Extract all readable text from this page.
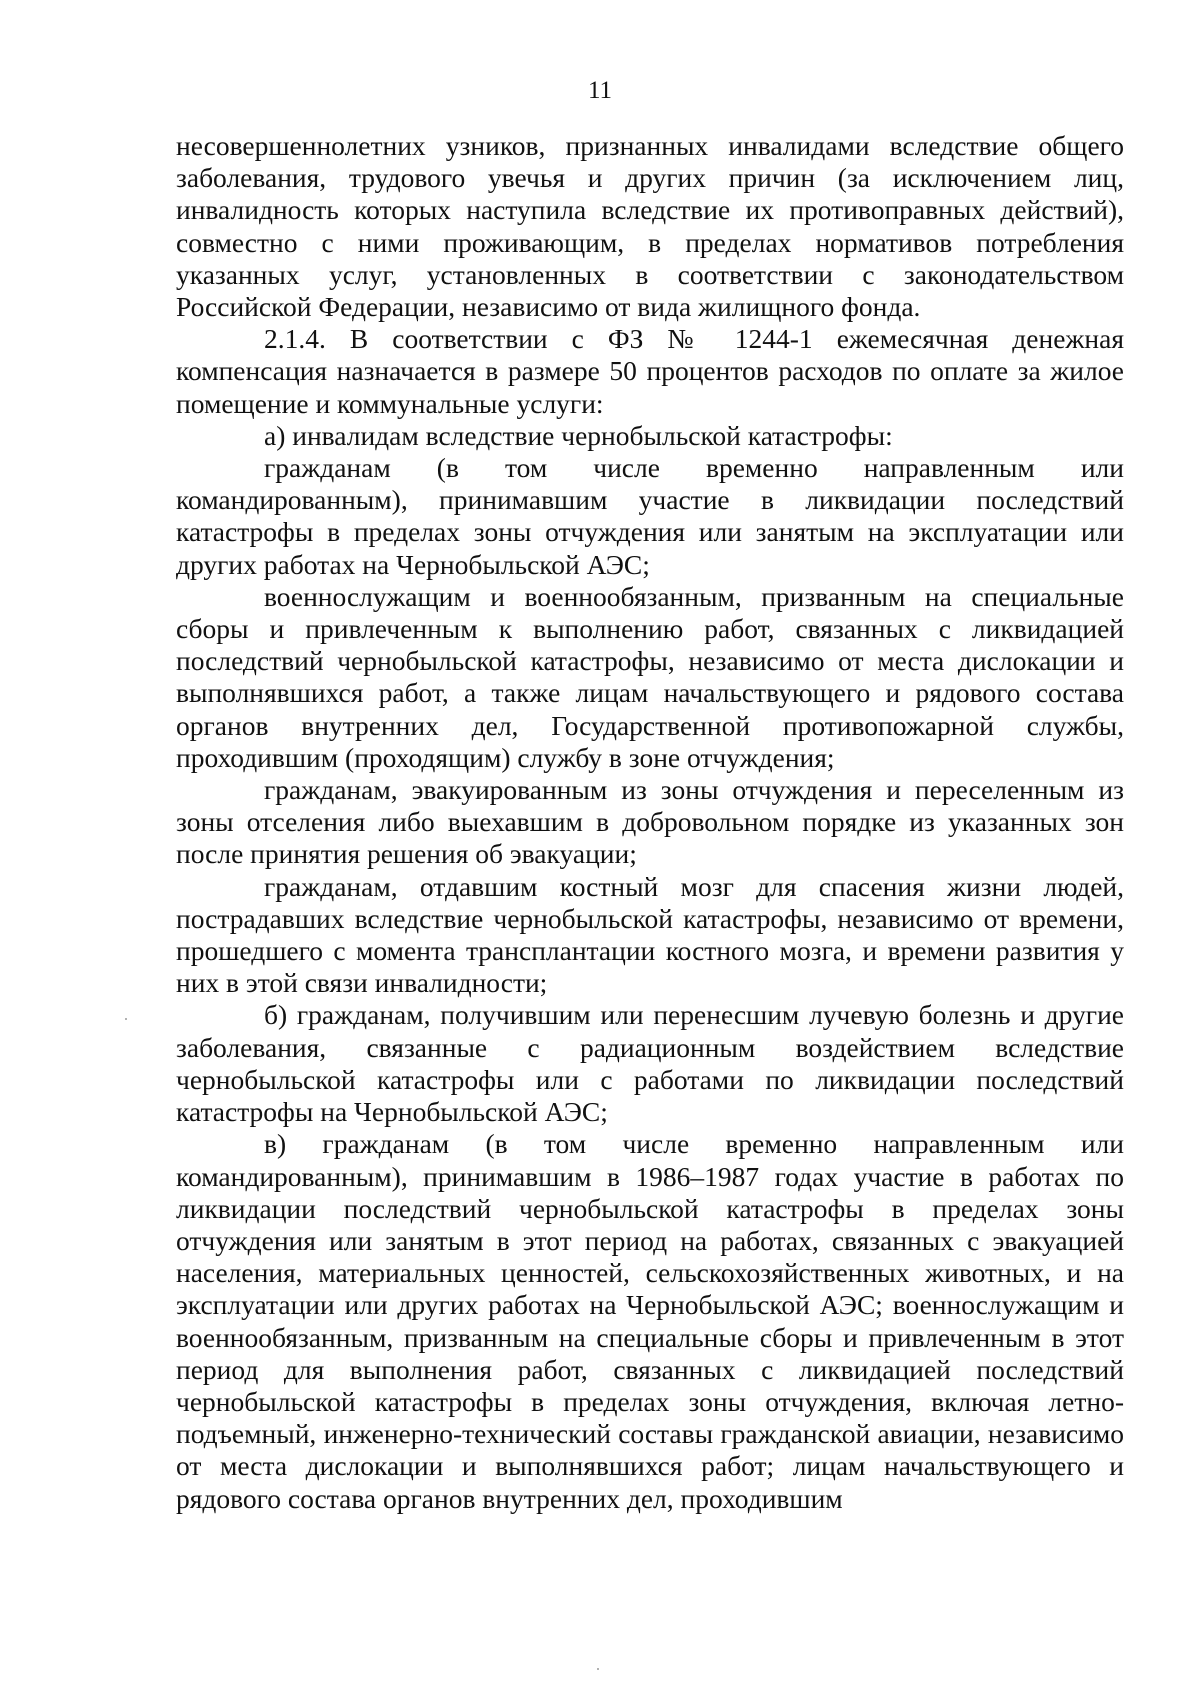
11

несовершеннолетних узников, признанных инвалидами вследствие общего заболевания, трудового увечья и других причин (за исключением лиц, инвалидность которых наступила вследствие их противоправных действий), совместно с ними проживающим, в пределах нормативов потребления указанных услуг, установленных в соответствии с законодательством Российской Федерации, независимо от вида жилищного фонда.

2.1.4. В соответствии с ФЗ № 1244-1 ежемесячная денежная компенсация назначается в размере 50 процентов расходов по оплате за жилое помещение и коммунальные услуги:

а) инвалидам вследствие чернобыльской катастрофы:

гражданам (в том числе временно направленным или командированным), принимавшим участие в ликвидации последствий катастрофы в пределах зоны отчуждения или занятым на эксплуатации или других работах на Чернобыльской АЭС;

военнослужащим и военнообязанным, призванным на специальные сборы и привлеченным к выполнению работ, связанных с ликвидацией последствий чернобыльской катастрофы, независимо от места дислокации и выполнявшихся работ, а также лицам начальствующего и рядового состава органов внутренних дел, Государственной противопожарной службы, проходившим (проходящим) службу в зоне отчуждения;

гражданам, эвакуированным из зоны отчуждения и переселенным из зоны отселения либо выехавшим в добровольном порядке из указанных зон после принятия решения об эвакуации;

гражданам, отдавшим костный мозг для спасения жизни людей, пострадавших вследствие чернобыльской катастрофы, независимо от времени, прошедшего с момента трансплантации костного мозга, и времени развития у них в этой связи инвалидности;

б) гражданам, получившим или перенесшим лучевую болезнь и другие заболевания, связанные с радиационным воздействием вследствие чернобыльской катастрофы или с работами по ликвидации последствий катастрофы на Чернобыльской АЭС;

в) гражданам (в том числе временно направленным или командированным), принимавшим в 1986–1987 годах участие в работах по ликвидации последствий чернобыльской катастрофы в пределах зоны отчуждения или занятым в этот период на работах, связанных с эвакуацией населения, материальных ценностей, сельскохозяйственных животных, и на эксплуатации или других работах на Чернобыльской АЭС; военнослужащим и военнообязанным, призванным на специальные сборы и привлеченным в этот период для выполнения работ, связанных с ликвидацией последствий чернобыльской катастрофы в пределах зоны отчуждения, включая летно-подъемный, инженерно-технический составы гражданской авиации, независимо от места дислокации и выполнявшихся работ; лицам начальствующего и рядового состава органов внутренних дел, проходившим
